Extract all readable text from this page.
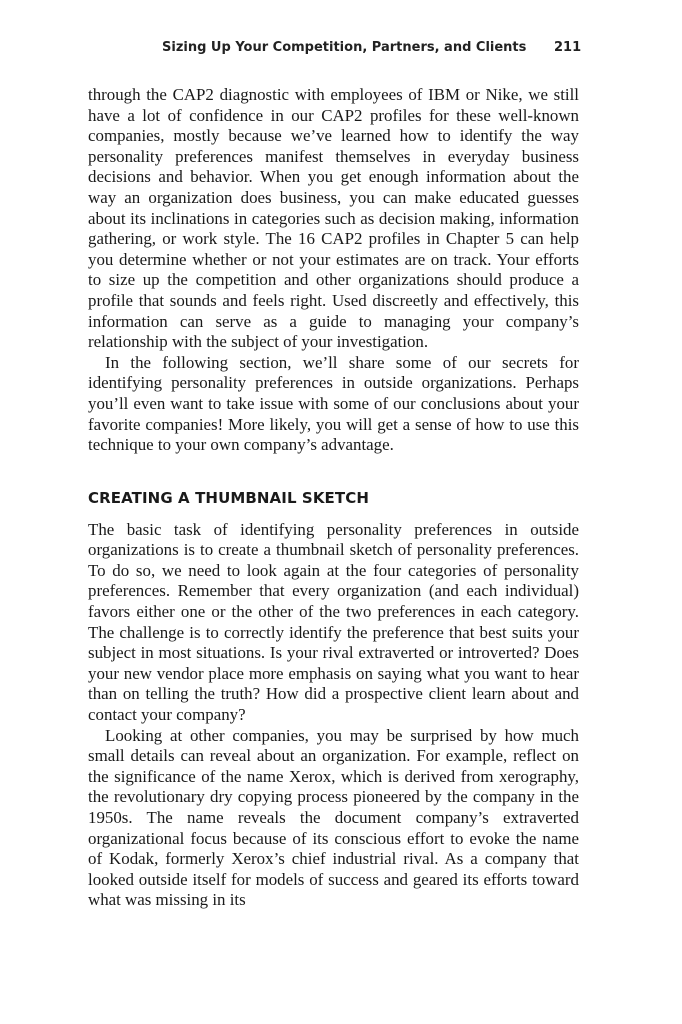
Sizing Up Your Competition, Partners, and Clients 211

through the CAP2 diagnostic with employees of IBM or Nike, we still have a lot of confidence in our CAP2 profiles for these well-known companies, mostly because we’ve learned how to identify the way personality preferences manifest themselves in everyday business decisions and behavior. When you get enough information about the way an organization does business, you can make educated guesses about its inclinations in categories such as decision making, information gathering, or work style. The 16 CAP2 profiles in Chapter 5 can help you determine whether or not your estimates are on track. Your efforts to size up the competition and other organizations should produce a profile that sounds and feels right. Used discreetly and effectively, this information can serve as a guide to managing your company’s relationship with the subject of your investigation.

In the following section, we’ll share some of our secrets for identifying personality preferences in outside organizations. Perhaps you’ll even want to take issue with some of our conclusions about your favorite companies! More likely, you will get a sense of how to use this technique to your own company’s advantage.

CREATING A THUMBNAIL SKETCH

The basic task of identifying personality preferences in outside organizations is to create a thumbnail sketch of personality preferences. To do so, we need to look again at the four categories of personality preferences. Remember that every organization (and each individual) favors either one or the other of the two preferences in each category. The challenge is to correctly identify the preference that best suits your subject in most situations. Is your rival extraverted or introverted? Does your new vendor place more emphasis on saying what you want to hear than on telling the truth? How did a prospective client learn about and contact your company?

Looking at other companies, you may be surprised by how much small details can reveal about an organization. For example, reflect on the significance of the name Xerox, which is derived from xerography, the revolutionary dry copying process pioneered by the company in the 1950s. The name reveals the document company’s extraverted organizational focus because of its conscious effort to evoke the name of Kodak, formerly Xerox’s chief industrial rival. As a company that looked outside itself for models of success and geared its efforts toward what was missing in its
